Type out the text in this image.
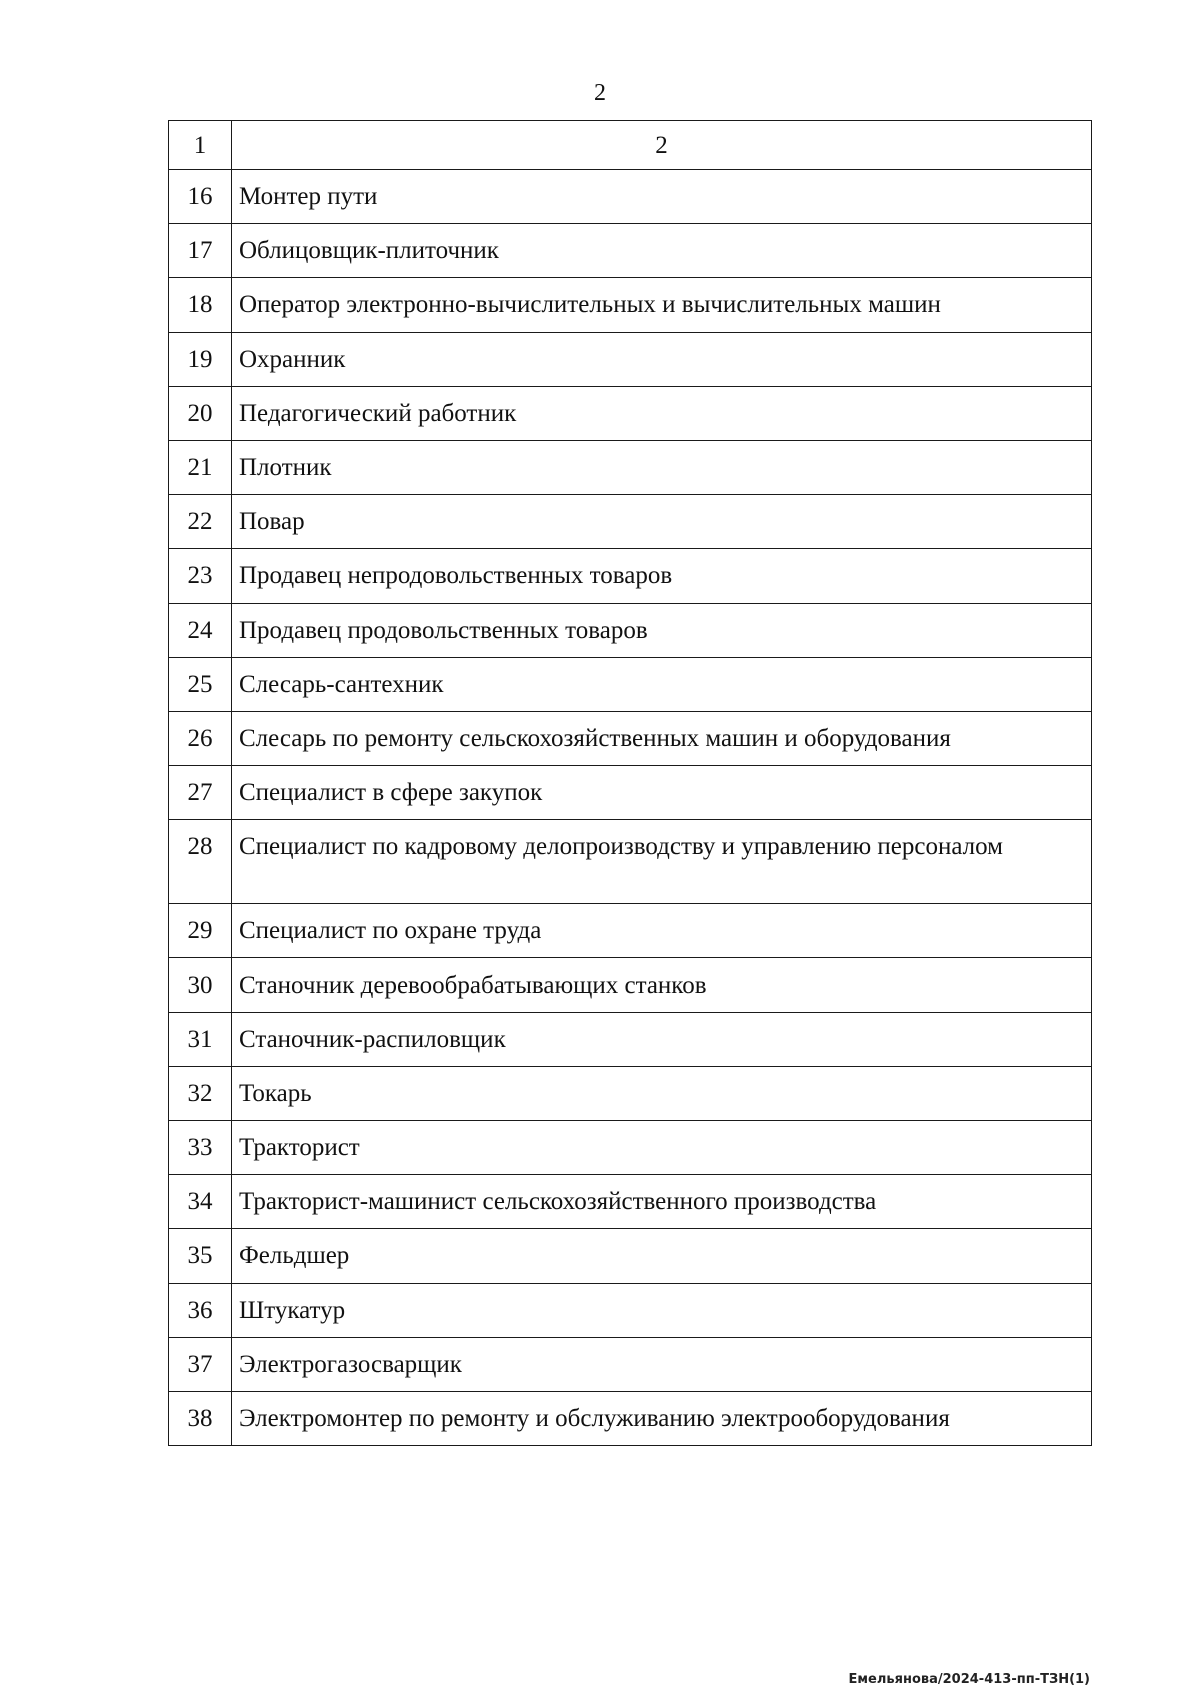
2
1	2
16	Монтер пути
17	Облицовщик-плиточник
18	Оператор электронно-вычислительных и вычислительных машин
19	Охранник
20	Педагогический работник
21	Плотник
22	Повар
23	Продавец непродовольственных товаров
24	Продавец продовольственных товаров
25	Слесарь-сантехник
26	Слесарь по ремонту сельскохозяйственных машин и оборудования
27	Специалист в сфере закупок
28	Специалист по кадровому делопроизводству и управлению персоналом
29	Специалист по охране труда
30	Станочник деревообрабатывающих станков
31	Станочник-распиловщик
32	Токарь
33	Тракторист
34	Тракторист-машинист сельскохозяйственного производства
35	Фельдшер
36	Штукатур
37	Электрогазосварщик
38	Электромонтер по ремонту и обслуживанию электрооборудования
Емельянова/2024-413-пп-ТЗН(1)
